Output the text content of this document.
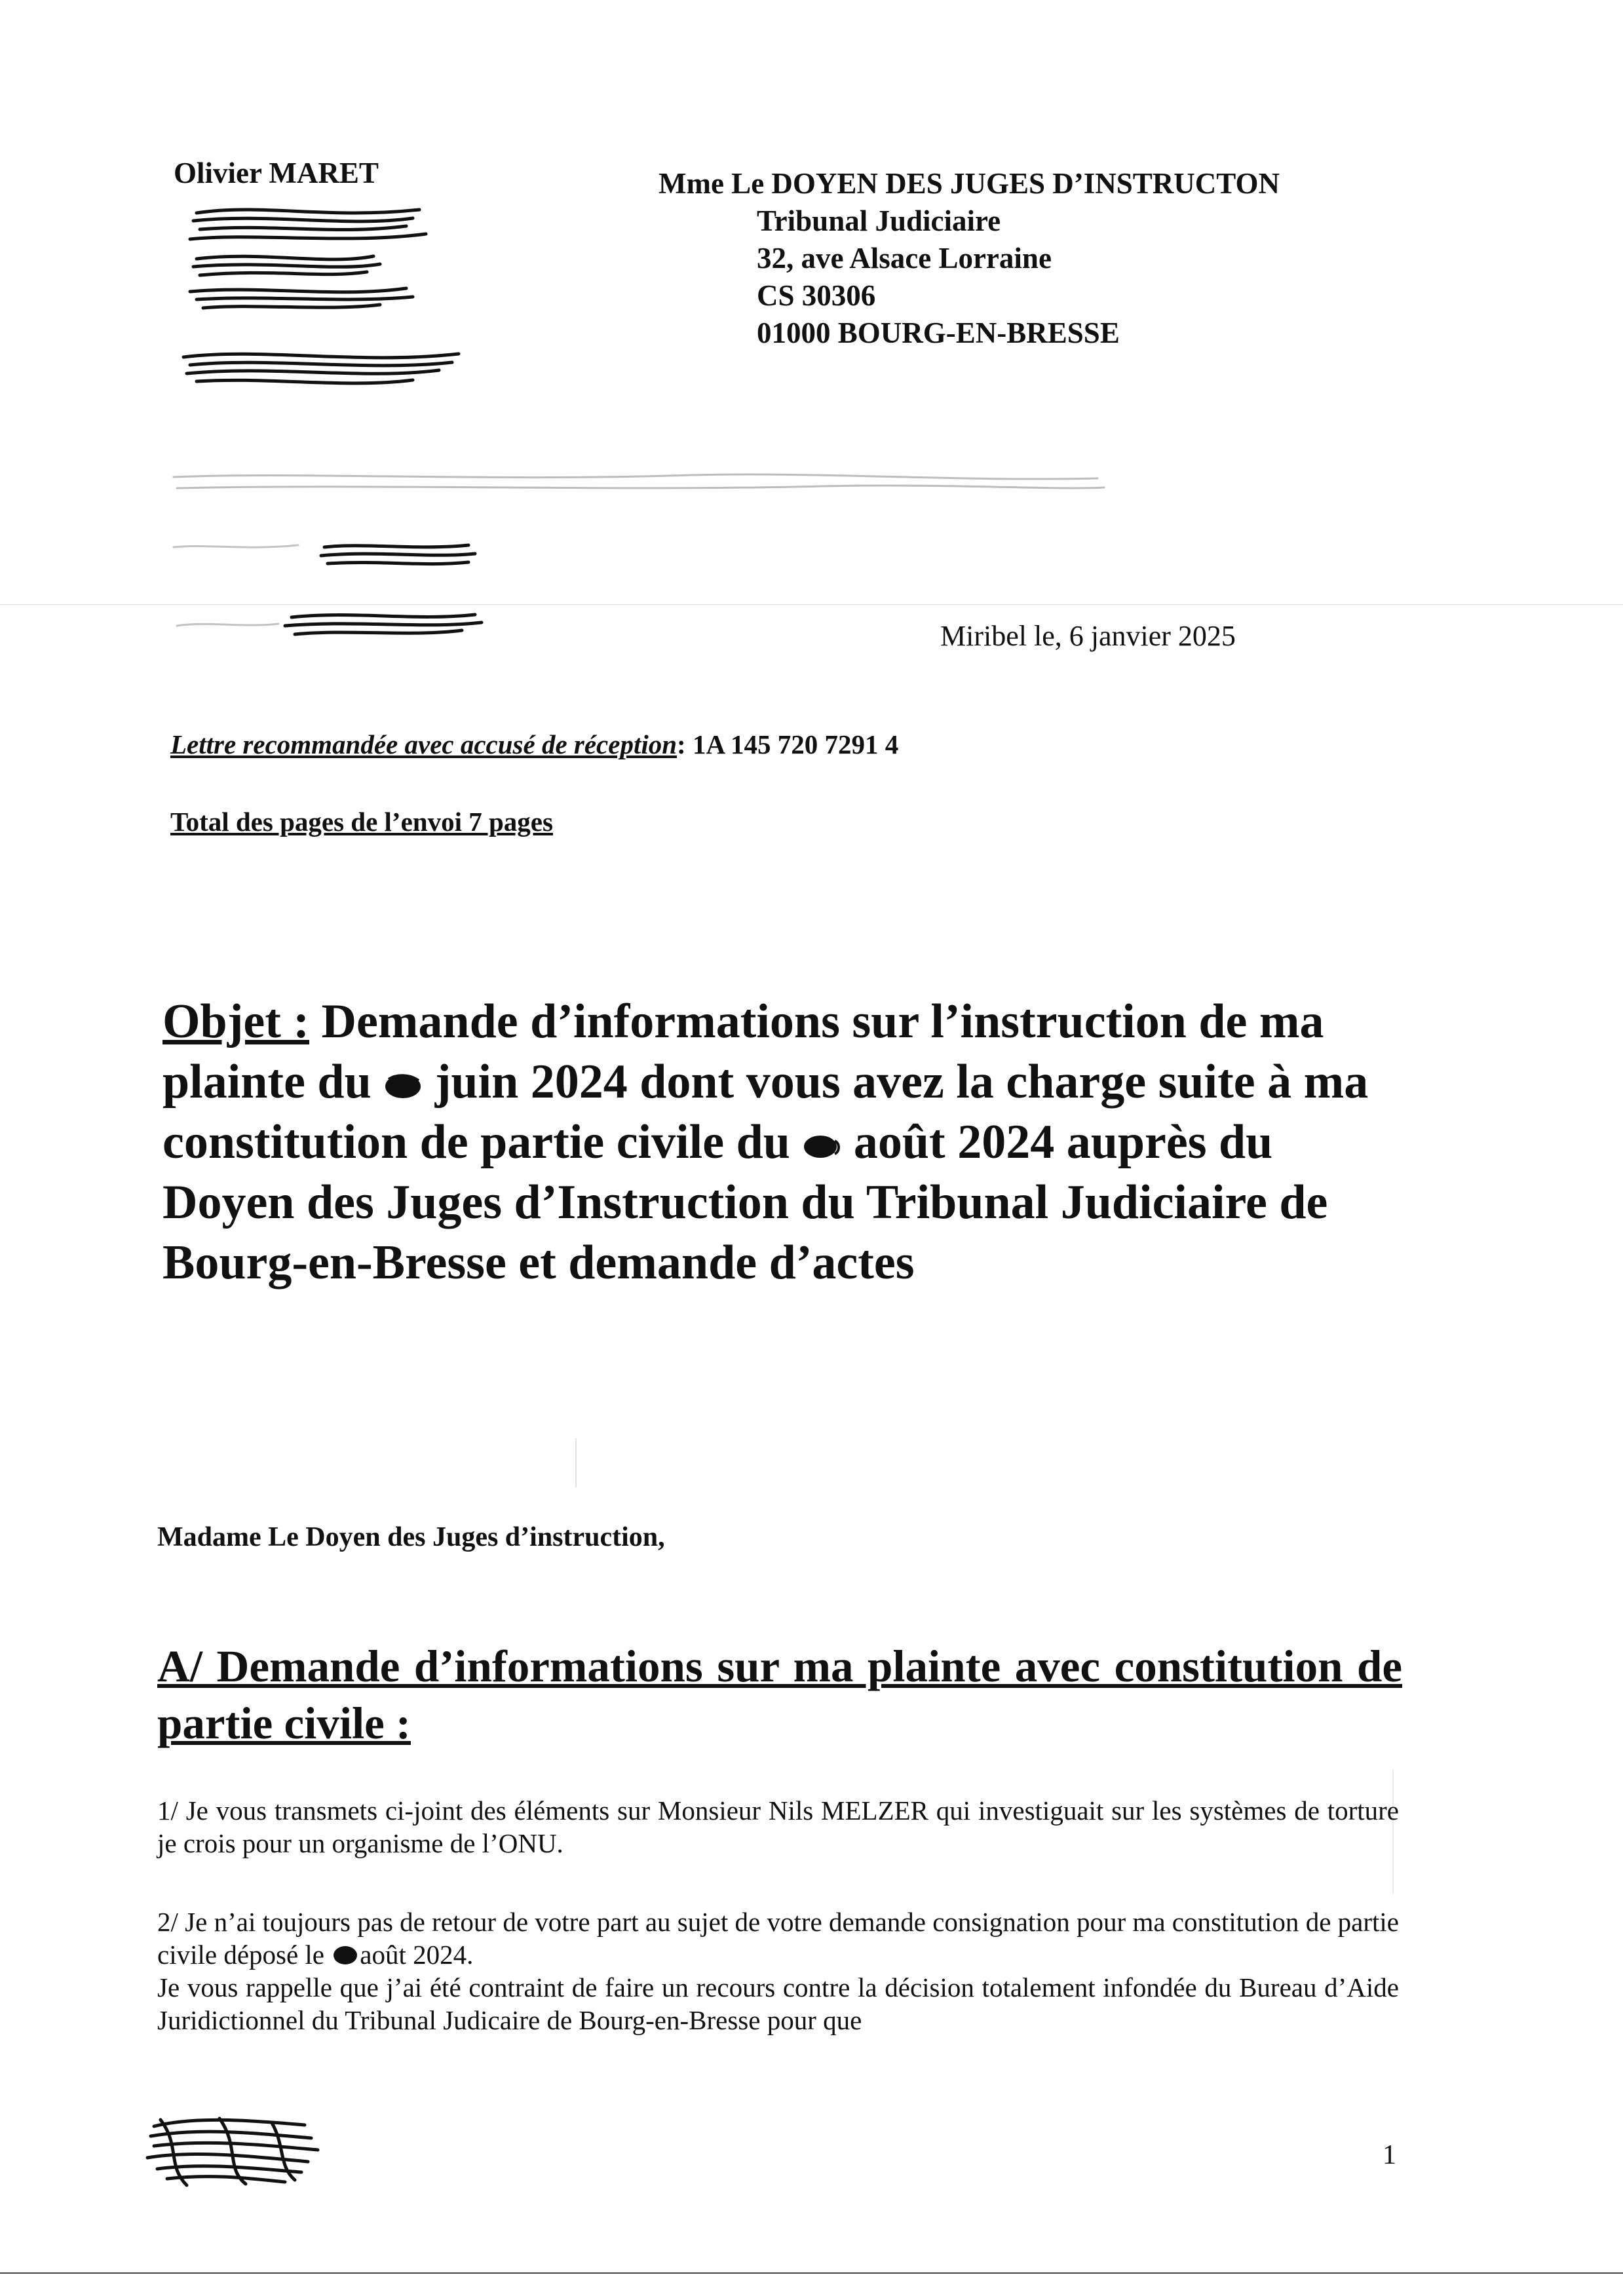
Olivier MARET	Mme Le DOYEN DES JUGES D’INSTRUCTON
Tribunal Judiciaire
32, ave Alsace Lorraine
CS 30306
01000 BOURG-EN-BRESSE
Miribel le, 6 janvier 2025
Lettre recommandée avec accusé de réception: 1A 145 720 7291 4
Total des pages de l’envoi 7 pages
Objet : Demande d’informations sur l’instruction de ma plainte du  juin 2024 dont vous avez la charge suite à ma constitution de partie civile du  août 2024 auprès du Doyen des Juges d’Instruction du Tribunal Judiciaire de Bourg-en-Bresse et demande d’actes
Madame Le Doyen des Juges d’instruction,
A/ Demande d’informations sur ma plainte avec constitution de partie civile :
1/ Je vous transmets ci-joint des éléments sur Monsieur Nils MELZER qui investiguait sur les systèmes de torture je crois pour un organisme de l’ONU.
2/ Je n’ai toujours pas de retour de votre part au sujet de votre demande consignation pour ma constitution de partie civile déposé le août 2024.
Je vous rappelle que j’ai été contraint de faire un recours contre la décision totalement infondée du Bureau d’Aide Juridictionnel du Tribunal Judicaire de Bourg-en-Bresse pour que
1
